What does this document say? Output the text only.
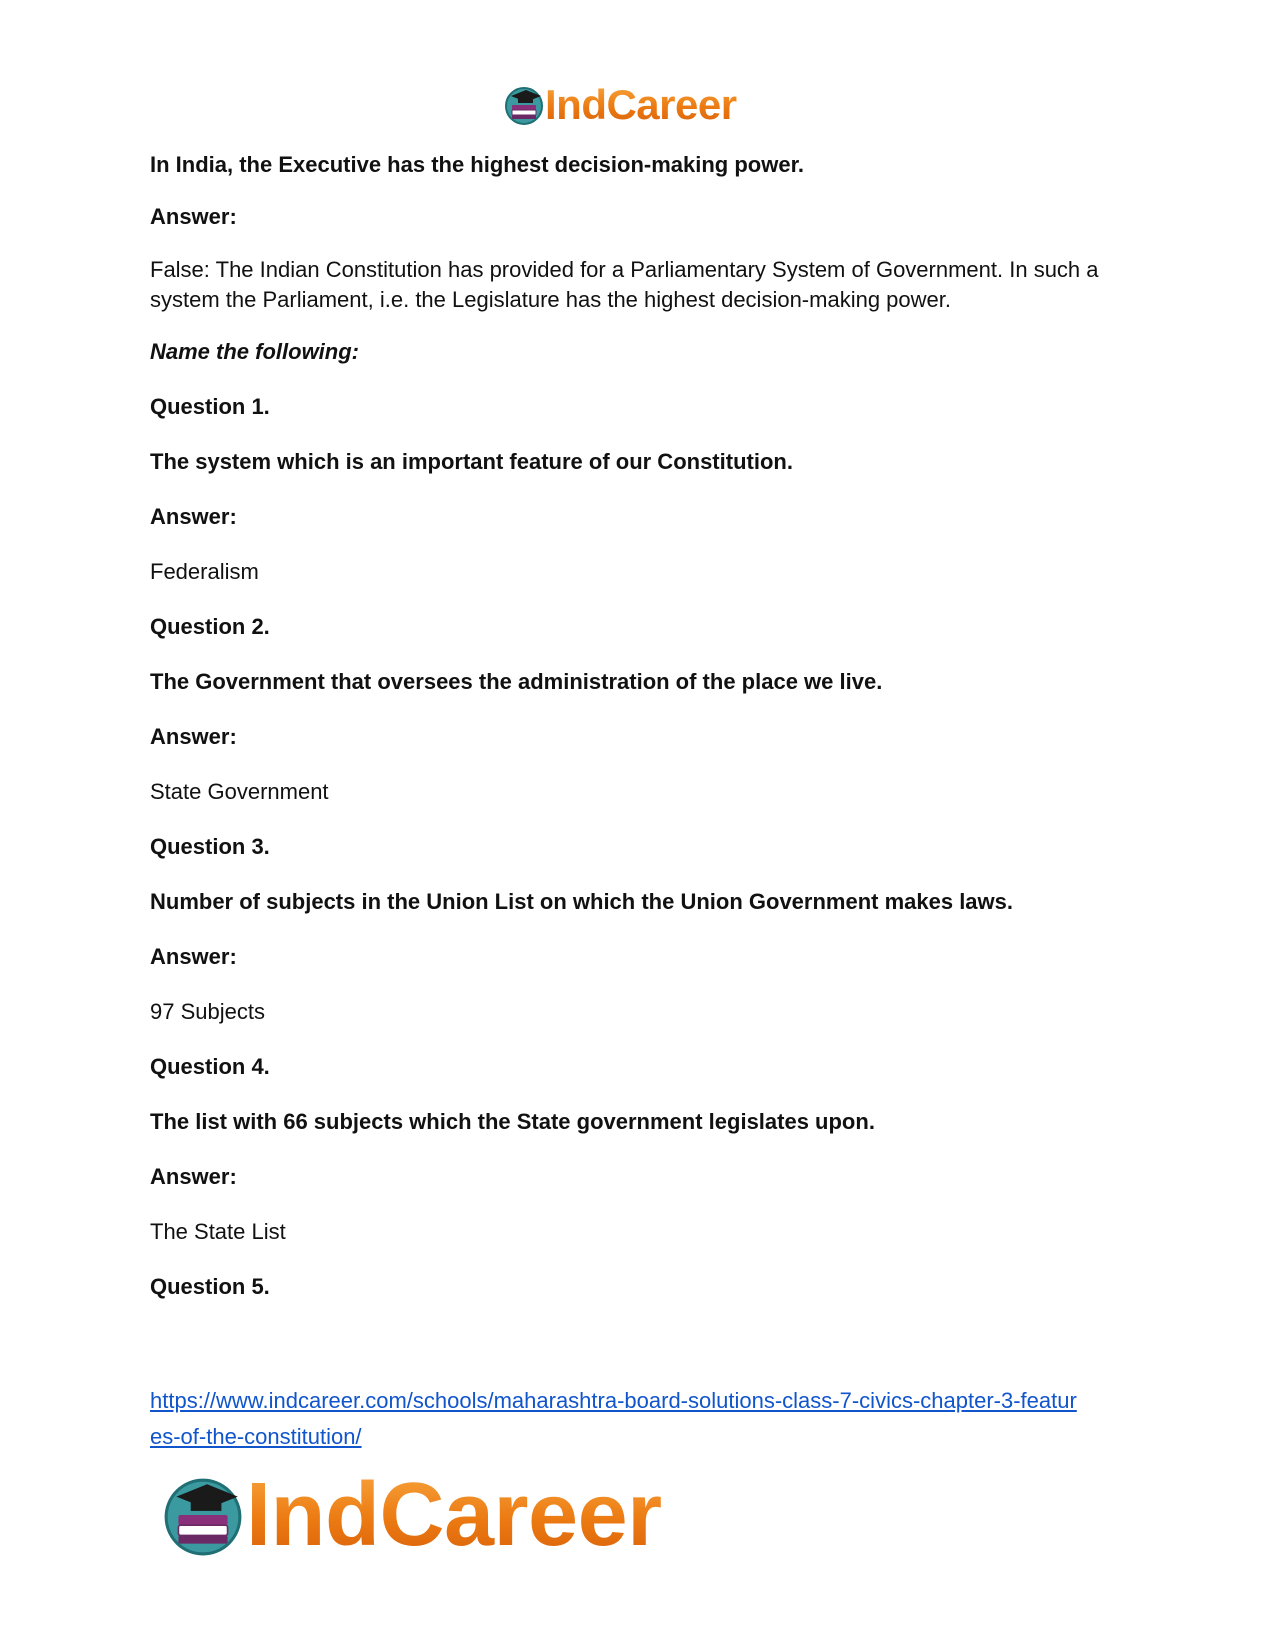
IndCareer

In India, the Executive has the highest decision-making power.

Answer:

False: The Indian Constitution has provided for a Parliamentary System of Government. In such a system the Parliament, i.e. the Legislature has the highest decision-making power.

Name the following:

Question 1.

The system which is an important feature of our Constitution.

Answer:

Federalism

Question 2.

The Government that oversees the administration of the place we live.

Answer:

State Government

Question 3.

Number of subjects in the Union List on which the Union Government makes laws.

Answer:

97 Subjects

Question 4.

The list with 66 subjects which the State government legislates upon.

Answer:

The State List

Question 5.

https://www.indcareer.com/schools/maharashtra-board-solutions-class-7-civics-chapter-3-featur
es-of-the-constitution/
IndCareer
